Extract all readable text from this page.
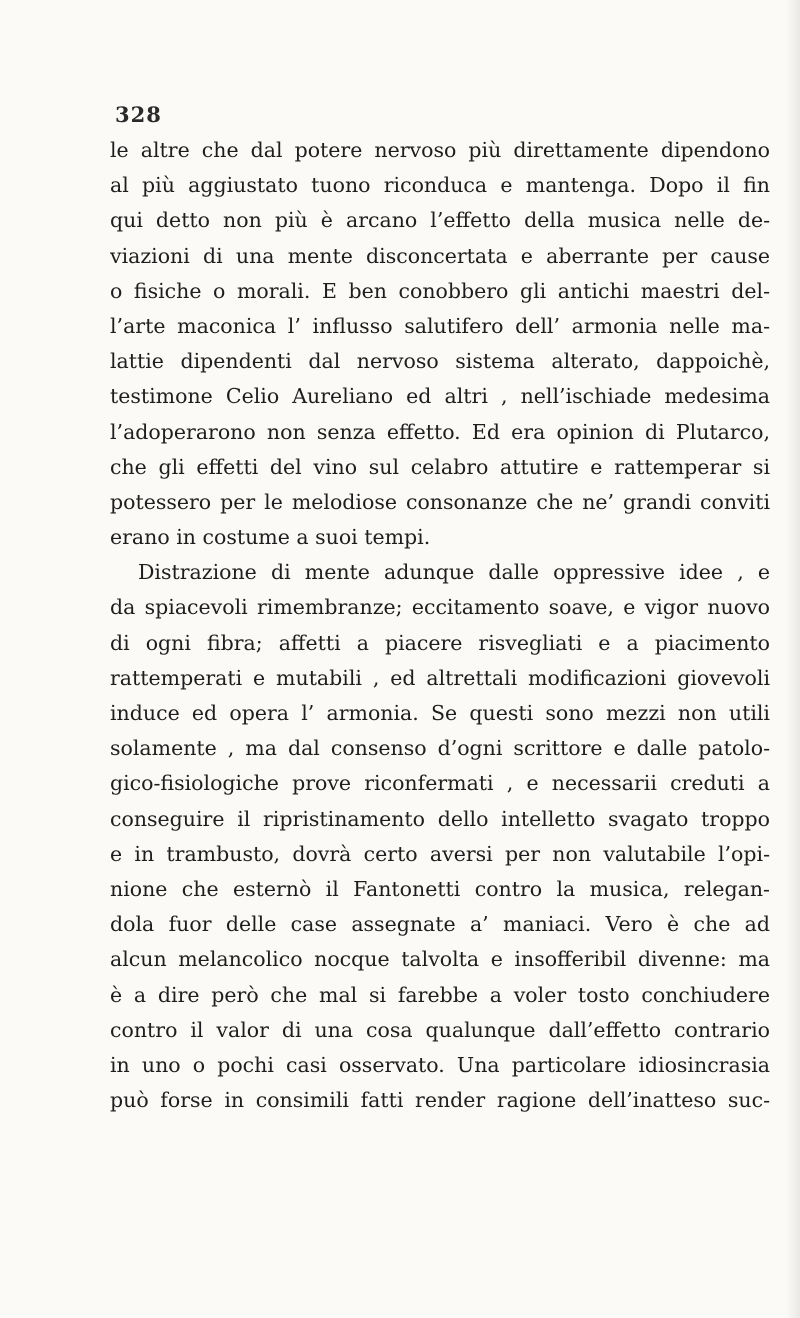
328
le altre che dal potere nervoso più direttamente dipendono
al più aggiustato tuono riconduca e mantenga. Dopo il fin
qui detto non più è arcano l’effetto della musica nelle de-
viazioni di una mente disconcertata e aberrante per cause
o fisiche o morali. E ben conobbero gli antichi maestri del-
l’arte maconica l’ influsso salutifero dell’ armonia nelle ma-
lattie dipendenti dal nervoso sistema alterato, dappoichè,
testimone Celio Aureliano ed altri , nell’ischiade medesima
l’adoperarono non senza effetto. Ed era opinion di Plutarco,
che gli effetti del vino sul celabro attutire e rattemperar si
potessero per le melodiose consonanze che ne’ grandi conviti
erano in costume a suoi tempi.
Distrazione di mente adunque dalle oppressive idee , e
da spiacevoli rimembranze; eccitamento soave, e vigor nuovo
di ogni fibra; affetti a piacere risvegliati e a piacimento
rattemperati e mutabili , ed altrettali modificazioni giovevoli
induce ed opera l’ armonia. Se questi sono mezzi non utili
solamente , ma dal consenso d’ogni scrittore e dalle patolo-
gico-fisiologiche prove riconfermati , e necessarii creduti a
conseguire il ripristinamento dello intelletto svagato troppo
e in trambusto, dovrà certo aversi per non valutabile l’opi-
nione che esternò il Fantonetti contro la musica, relegan-
dola fuor delle case assegnate a’ maniaci. Vero è che ad
alcun melancolico nocque talvolta e insofferibil divenne: ma
è a dire però che mal si farebbe a voler tosto conchiudere
contro il valor di una cosa qualunque dall’effetto contrario
in uno o pochi casi osservato. Una particolare idiosincrasia
può forse in consimili fatti render ragione dell’inatteso suc-
